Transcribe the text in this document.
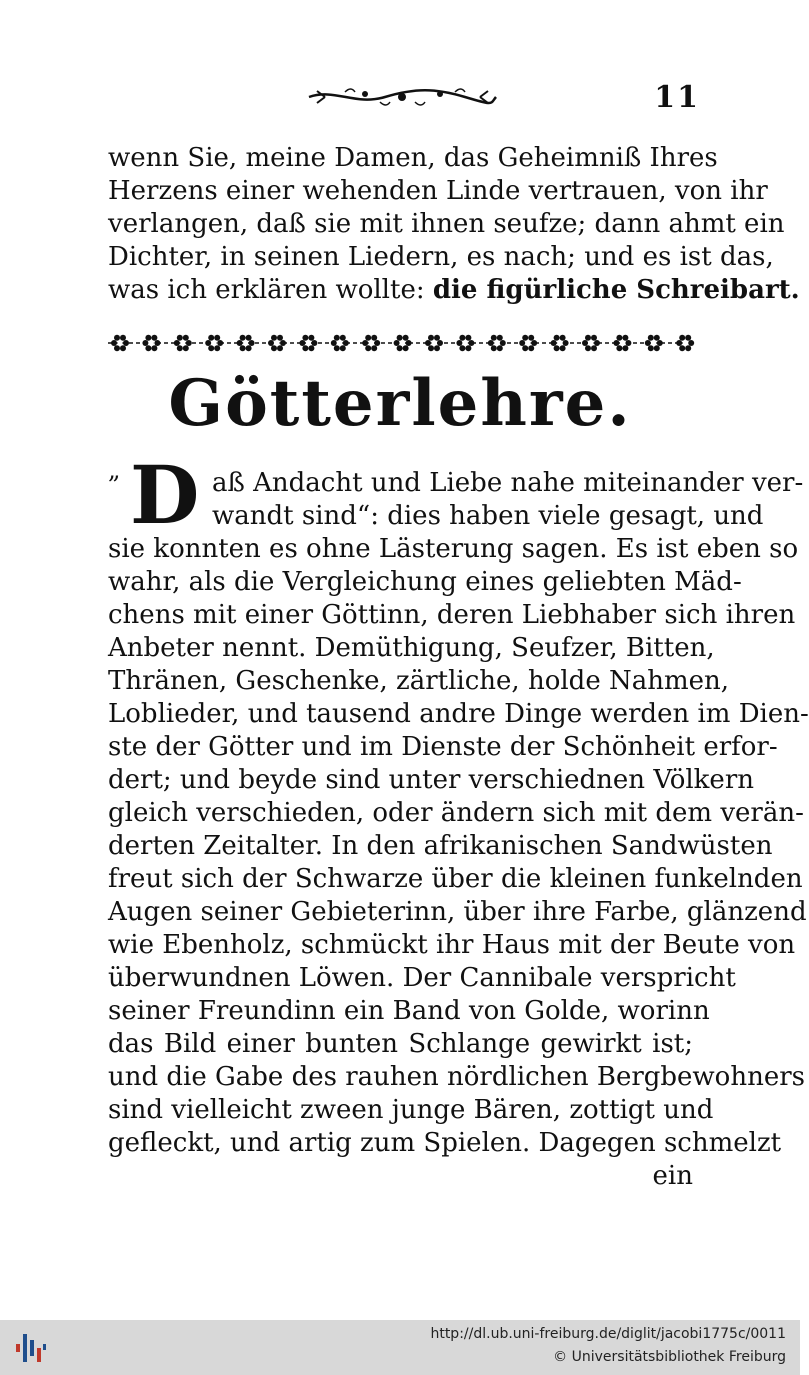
11
wenn Sie, meine Damen, das Geheimniß Ihres
Herzens einer wehenden Linde vertrauen, von ihr
verlangen, daß sie mit ihnen seufze; dann ahmt ein
Dichter, in seinen Liedern, es nach; und es ist das,
was ich erklären wollte: die figürliche Schreibart.
Götterlehre.
„ D aß Andacht und Liebe nahe miteinander ver-
wandt sind“: dies haben viele gesagt, und
sie konnten es ohne Lästerung sagen. Es ist eben so
wahr, als die Vergleichung eines geliebten Mäd-
chens mit einer Göttinn, deren Liebhaber sich ihren
Anbeter nennt. Demüthigung, Seufzer, Bitten,
Thränen, Geschenke, zärtliche, holde Nahmen,
Loblieder, und tausend andre Dinge werden im Dien-
ste der Götter und im Dienste der Schönheit erfor-
dert; und beyde sind unter verschiednen Völkern
gleich verschieden, oder ändern sich mit dem verän-
derten Zeitalter. In den afrikanischen Sandwüsten
freut sich der Schwarze über die kleinen funkelnden
Augen seiner Gebieterinn, über ihre Farbe, glänzend
wie Ebenholz, schmückt ihr Haus mit der Beute von
überwundnen Löwen. Der Cannibale verspricht
seiner Freundinn ein Band von Golde, worinn
das Bild einer bunten Schlange gewirkt ist;
und die Gabe des rauhen nördlichen Bergbewohners
sind vielleicht zween junge Bären, zottigt und
gefleckt, und artig zum Spielen. Dagegen schmelzt
ein
http://dl.ub.uni-freiburg.de/diglit/jacobi1775c/0011
© Universitätsbibliothek Freiburg
